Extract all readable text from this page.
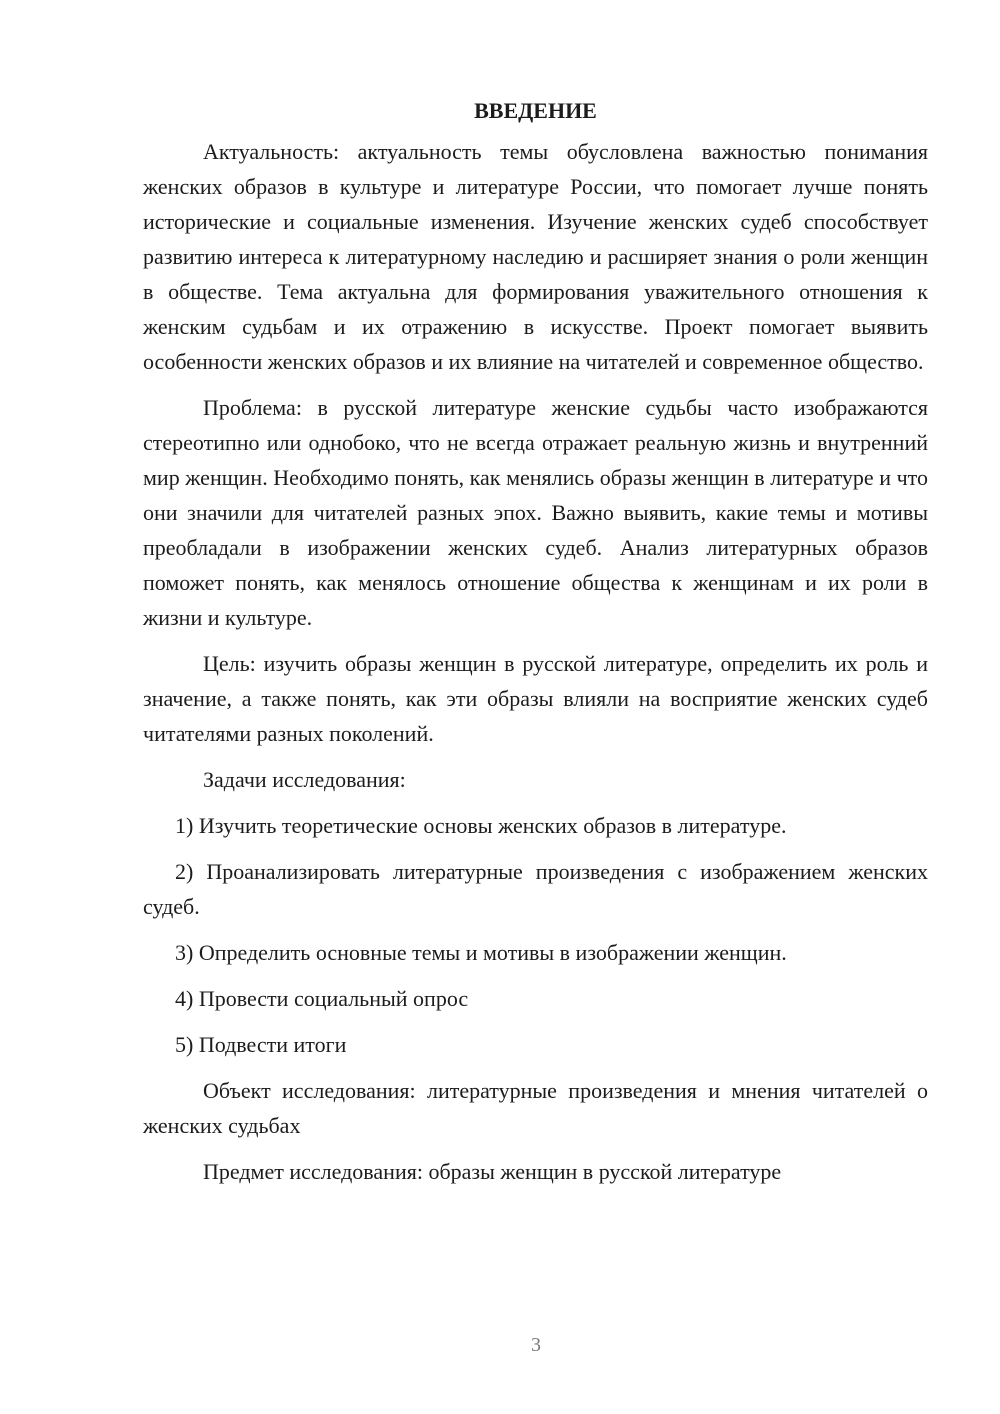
ВВЕДЕНИЕ

Актуальность: актуальность темы обусловлена важностью понимания женских образов в культуре и литературе России, что помогает лучше понять исторические и социальные изменения. Изучение женских судеб способствует развитию интереса к литературному наследию и расширяет знания о роли женщин в обществе. Тема актуальна для формирования уважительного отношения к женским судьбам и их отражению в искусстве. Проект помогает выявить особенности женских образов и их влияние на читателей и современное общество.

Проблема: в русской литературе женские судьбы часто изображаются стереотипно или однобоко, что не всегда отражает реальную жизнь и внутренний мир женщин. Необходимо понять, как менялись образы женщин в литературе и что они значили для читателей разных эпох. Важно выявить, какие темы и мотивы преобладали в изображении женских судеб. Анализ литературных образов поможет понять, как менялось отношение общества к женщинам и их роли в жизни и культуре.

Цель: изучить образы женщин в русской литературе, определить их роль и значение, а также понять, как эти образы влияли на восприятие женских судеб читателями разных поколений.

Задачи исследования:

1) Изучить теоретические основы женских образов в литературе.

2) Проанализировать литературные произведения с изображением женских судеб.

3) Определить основные темы и мотивы в изображении женщин.

4) Провести социальный опрос

5) Подвести итоги

Объект исследования: литературные произведения и мнения читателей о женских судьбах

Предмет исследования: образы женщин в русской литературе

3
